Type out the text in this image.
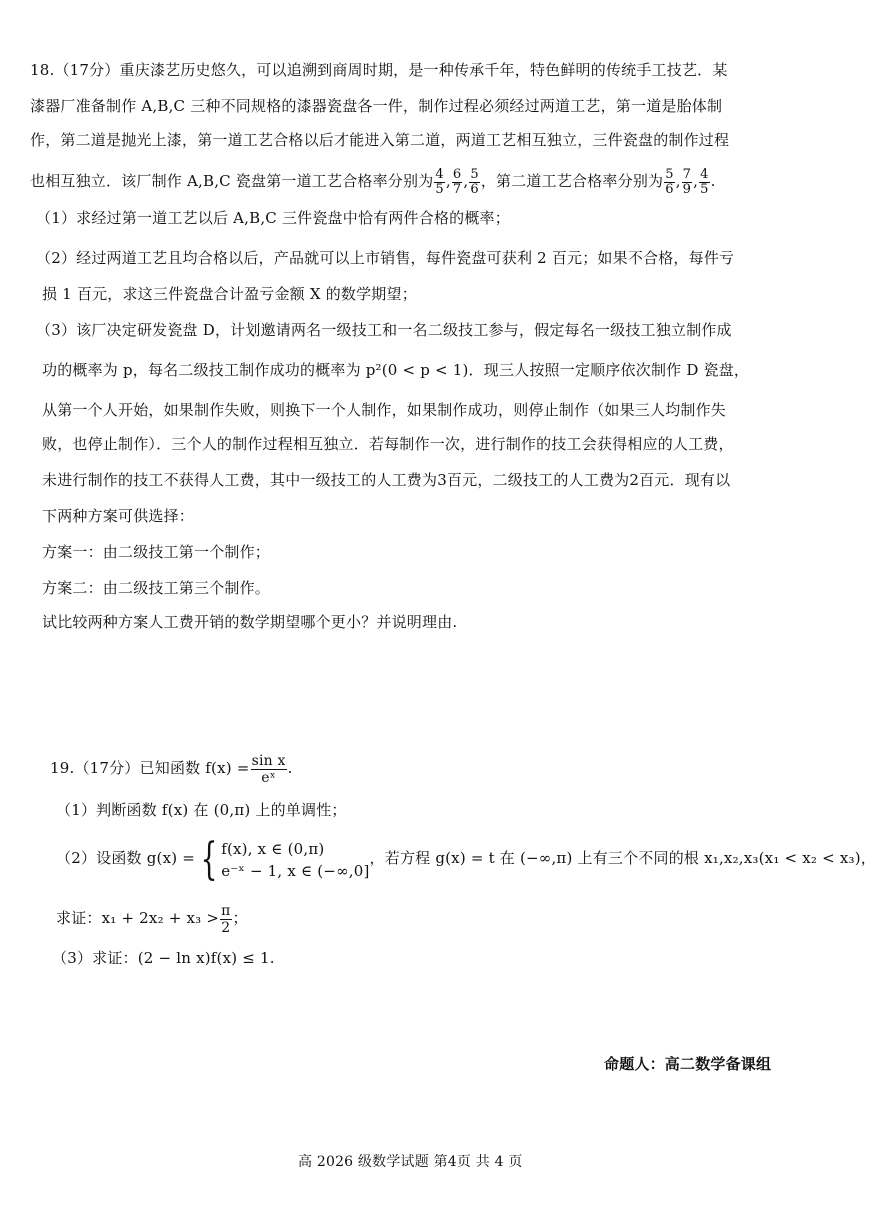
18.（17分）重庆漆艺历史悠久，可以追溯到商周时期，是一种传承千年，特色鲜明的传统手工技艺．某
漆器厂准备制作 A,B,C 三种不同规格的漆器瓷盘各一件，制作过程必须经过两道工艺，第一道是胎体制
作，第二道是抛光上漆，第一道工艺合格以后才能进入第二道，两道工艺相互独立，三件瓷盘的制作过程
也相互独立．该厂制作 A,B,C 瓷盘第一道工艺合格率分别为 $\frac{4}{5}$ , $\frac{6}{7}$ , $\frac{5}{6}$ ，第二道工艺合格率分别为 $\frac{5}{6}$ , $\frac{7}{9}$ , $\frac{4}{5}$ .
（1）求经过第一道工艺以后 A,B,C 三件瓷盘中恰有两件合格的概率；
（2）经过两道工艺且均合格以后，产品就可以上市销售，每件瓷盘可获利 2 百元；如果不合格，每件亏
损 1 百元，求这三件瓷盘合计盈亏金额 X 的数学期望；
（3）该厂决定研发瓷盘 D，计划邀请两名一级技工和一名二级技工参与，假定每名一级技工独立制作成
功的概率为 p，每名二级技工制作成功的概率为 p²(0 < p < 1)．现三人按照一定顺序依次制作 D 瓷盘，
从第一个人开始，如果制作失败，则换下一个人制作，如果制作成功，则停止制作（如果三人均制作失
败，也停止制作）．三个人的制作过程相互独立．若每制作一次，进行制作的技工会获得相应的人工费，
未进行制作的技工不获得人工费，其中一级技工的人工费为3百元，二级技工的人工费为2百元．现有以
下两种方案可供选择：
方案一：由二级技工第一个制作；
方案二：由二级技工第三个制作。
试比较两种方案人工费开销的数学期望哪个更小？并说明理由.
19.（17分）已知函数 $f(x) = \frac{\text{sin x}}{\text{eˣ}}$ .
（1）判断函数 f(x) 在 (0,π) 上的单调性；
（2）设函数 g(x) = { f(x), x ∈ (0,π)
e⁻ˣ − 1, x ∈ (−∞,0]
，若方程 g(x) = t 在 (−∞,π) 上有三个不同的根 x₁,x₂,x₃(x₁ < x₂ < x₃)，
求证：$x_1 + 2x_2 + x_3 > \frac{\pi}{2}$ ；
（3）求证：(2 − ln x)f(x) ≤ 1.
命题人：高二数学备课组
高 2026 级数学试题 第4页 共 4 页
